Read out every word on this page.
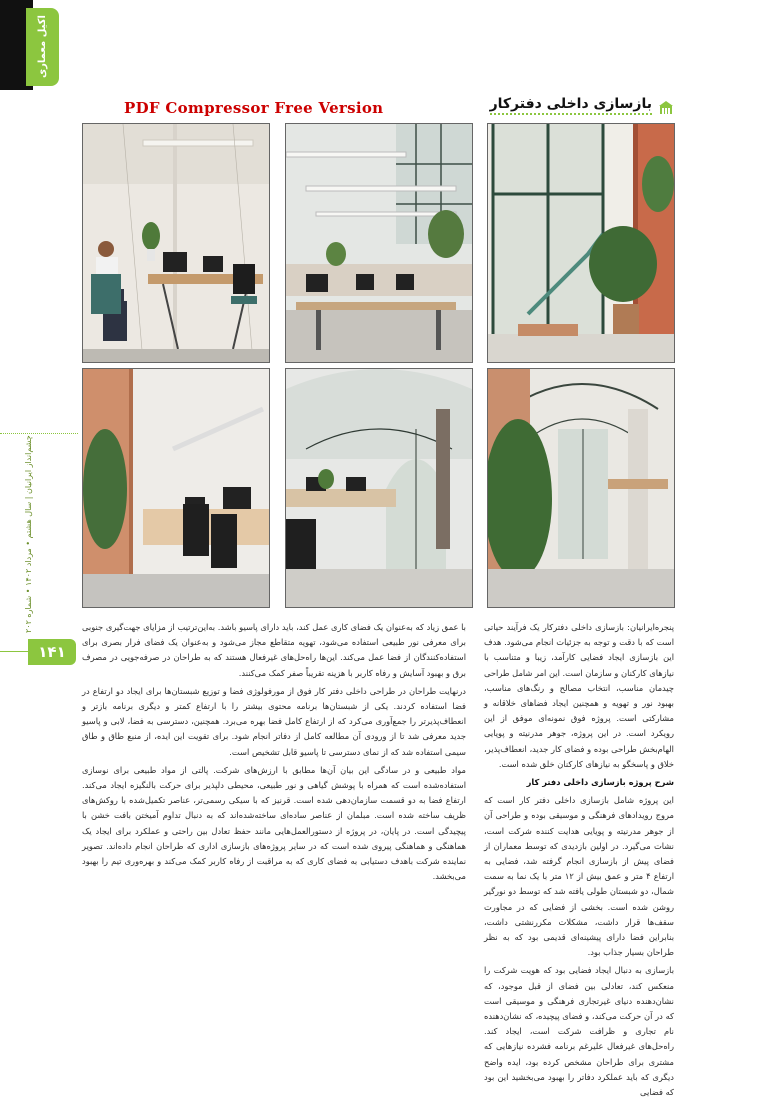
اکیل معماری
چشم‌انداز ایرانیان | سال هشتم • مرداد ۱۴۰۲ • شماره ۲۰۲
۱۴۱
PDF Compressor Free Version	بازسازی داخلی دفترکار

پنجره‌ایرانیان: بازسازی داخلی دفترکار یک فرآیند حیاتی است که با دقت و توجه به جزئیات انجام می‌شود. هدف این بازسازی ایجاد فضایی کارآمد، زیبا و متناسب با نیازهای کارکنان و سازمان است. این امر شامل طراحی چیدمان مناسب، انتخاب مصالح و رنگ‌های مناسب، بهبود نور و تهویه و همچنین ایجاد فضاهای خلاقانه و مشارکتی است. پروژه فوق نمونه‌ای موفق از این رویکرد است. در این پروژه، جوهر مدرنیته و پویایی الهام‌بخش طراحی بوده و فضای کار جدید، انعطاف‌پذیر، خلاق و پاسخگو به نیازهای کارکنان خلق شده است.

شرح پروژه بازسازی داخلی دفتر کار

این پروژه شامل بازسازی داخلی دفتر کار است که مروج رویدادهای فرهنگی و موسیقی بوده و طراحی آن از جوهر مدرنیته و پویایی هدایت کننده شرکت است، نشات می‌گیرد. در اولین بازدیدی که توسط معماران از فضای پیش از بازسازی انجام گرفته شد، فضایی به ارتفاع ۴ متر و عمق بیش از ۱۲ متر با یک نما به سمت شمال، دو شبستان طولی یافته شد که توسط دو نورگیر روشن شده است. بخشی از فضایی که در مجاورت سقف‌ها قرار داشت، مشکلات مکررنشتی داشت، بنابراین فضا دارای پیشینه‌ای قدیمی بود که به نظر طراحان بسیار جذاب بود.

بازسازی به دنبال ایجاد فضایی بود که هویت شرکت را منعکس کند، تعادلی بین فضای از قبل موجود، که نشان‌دهنده دنیای غیرتجاری فرهنگی و موسیقی است که در آن حرکت می‌کند، و فضای پیچیده، که نشان‌دهنده نام تجاری و ظرافت شرکت است، ایجاد کند. راه‌حل‌های غیرفعال علیرغم برنامه فشرده نیازهایی که مشتری برای طراحان مشخص کرده بود، ایده واضح دیگری که باید عملکرد دفاتر را بهبود می‌بخشید این بود که فضایی

با عمق زیاد که به‌عنوان یک فضای کاری عمل کند، باید دارای پاسیو باشد. به‌این‌ترتیب از مزایای جهت‌گیری جنوبی برای معرفی نور طبیعی استفاده می‌شود، تهویه متقاطع مجاز می‌شود و به‌عنوان یک فضای فرار بصری برای استفاده‌کنندگان از فضا عمل می‌کند. این‌ها راه‌حل‌های غیرفعال هستند که به طراحان در صرفه‌جویی در مصرف برق و بهبود آسایش و رفاه کاربر با هزینه تقریباً صفر کمک می‌کنند.

درنهایت طراحان در طراحی داخلی دفتر کار فوق از مورفولوژی فضا و توزیع شبستان‌ها برای ایجاد دو ارتفاع در فضا استفاده کردند. یکی از شبستان‌ها برنامه محتوی بیشتر را با ارتفاع کمتر و دیگری برنامه بازتر و انعطاف‌پذیرتر را جمع‌آوری می‌کرد که از ارتفاع کامل فضا بهره می‌برد. همچنین، دسترسی به فضا، لابی و پاسیو جدید معرفی شد تا از ورودی آن مطالعه کامل از دفاتر انجام شود. برای تقویت این ایده، از منبع طاق و طاق سیمی استفاده شد که از نمای دسترسی تا پاسیو قابل تشخیص است.

مواد طبیعی و در سادگی این بیان آن‌ها مطابق با ارزش‌های شرکت. پالتی از مواد طبیعی برای نوسازی استفاده‌شده است که همراه با پوشش گیاهی و نور طبیعی، محیطی دلپذیر برای حرکت بالنگیزه ایجاد می‌کند. ارتفاع فضا به دو قسمت سازمان‌دهی شده است. قرنیز که با سیکی رسمی‌تر، عناصر تکمیل‌شده با روکش‌های ظریف ساخته شده است. مبلمان از عناصر ساده‌ای ساخته‌شده‌اند که به دنبال تداوم آمیختن بافت خشن با پیچیدگی است. در پایان، در پروژه از دستورالعمل‌هایی مانند حفظ تعادل بین راحتی و عملکرد برای ایجاد یک هماهنگی و هماهنگی پیروی شده است که در سایر پروژه‌های بازسازی اداری که طراحان انجام داده‌اند. تصویر نماینده شرکت باهدف دستیابی به فضای کاری که به مراقبت از رفاه کاربر کمک می‌کند و بهره‌وری تیم را بهبود می‌بخشد.
